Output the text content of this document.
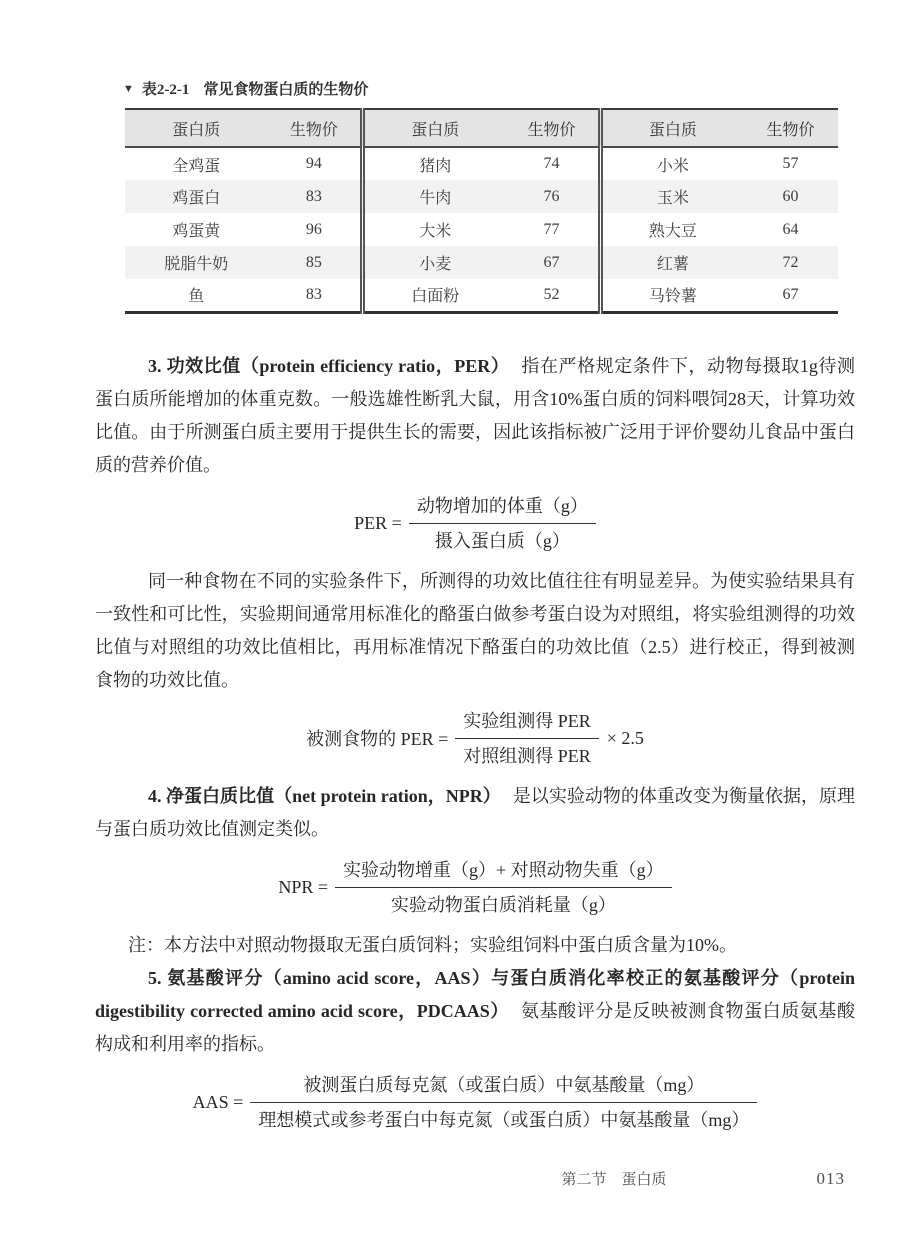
▼ 表2-2-1 常见食物蛋白质的生物价
蛋白质	生物价	蛋白质	生物价	蛋白质	生物价
全鸡蛋	94	猪肉	74	小米	57
鸡蛋白	83	牛肉	76	玉米	60
鸡蛋黄	96	大米	77	熟大豆	64
脱脂牛奶	85	小麦	67	红薯	72
鱼	83	白面粉	52	马铃薯	67

3. 功效比值（protein efficiency ratio，PER） 指在严格规定条件下，动物每摄取1g待测蛋白质所能增加的体重克数。一般选雄性断乳大鼠，用含10%蛋白质的饲料喂饲28天，计算功效比值。由于所测蛋白质主要用于提供生长的需要，因此该指标被广泛用于评价婴幼儿食品中蛋白质的营养价值。

PER = $\frac{\text{动物增加的体重（g）}}{\text{摄入蛋白质（g）}}$

同一种食物在不同的实验条件下，所测得的功效比值往往有明显差异。为使实验结果具有一致性和可比性，实验期间通常用标准化的酪蛋白做参考蛋白设为对照组，将实验组测得的功效比值与对照组的功效比值相比，再用标准情况下酪蛋白的功效比值（2.5）进行校正，得到被测食物的功效比值。

被测食物的 PER = $\frac{\text{实验组测得 PER}}{\text{对照组测得 PER}} \times 2.5$

4. 净蛋白质比值（net protein ration，NPR） 是以实验动物的体重改变为衡量依据，原理与蛋白质功效比值测定类似。

NPR = $\frac{\text{实验动物增重（g）+ 对照动物失重（g）}}{\text{实验动物蛋白质消耗量（g）}}$

注：本方法中对照动物摄取无蛋白质饲料；实验组饲料中蛋白质含量为10%。

5. 氨基酸评分（amino acid score，AAS）与蛋白质消化率校正的氨基酸评分（protein digestibility corrected amino acid score，PDCAAS） 氨基酸评分是反映被测食物蛋白质氨基酸构成和利用率的指标。

AAS = $\frac{\text{被测蛋白质每克氮（或蛋白质）中氨基酸量（mg）}}{\text{理想模式或参考蛋白中每克氮（或蛋白质）中氨基酸量（mg）}}$
第二节　蛋白质	013
